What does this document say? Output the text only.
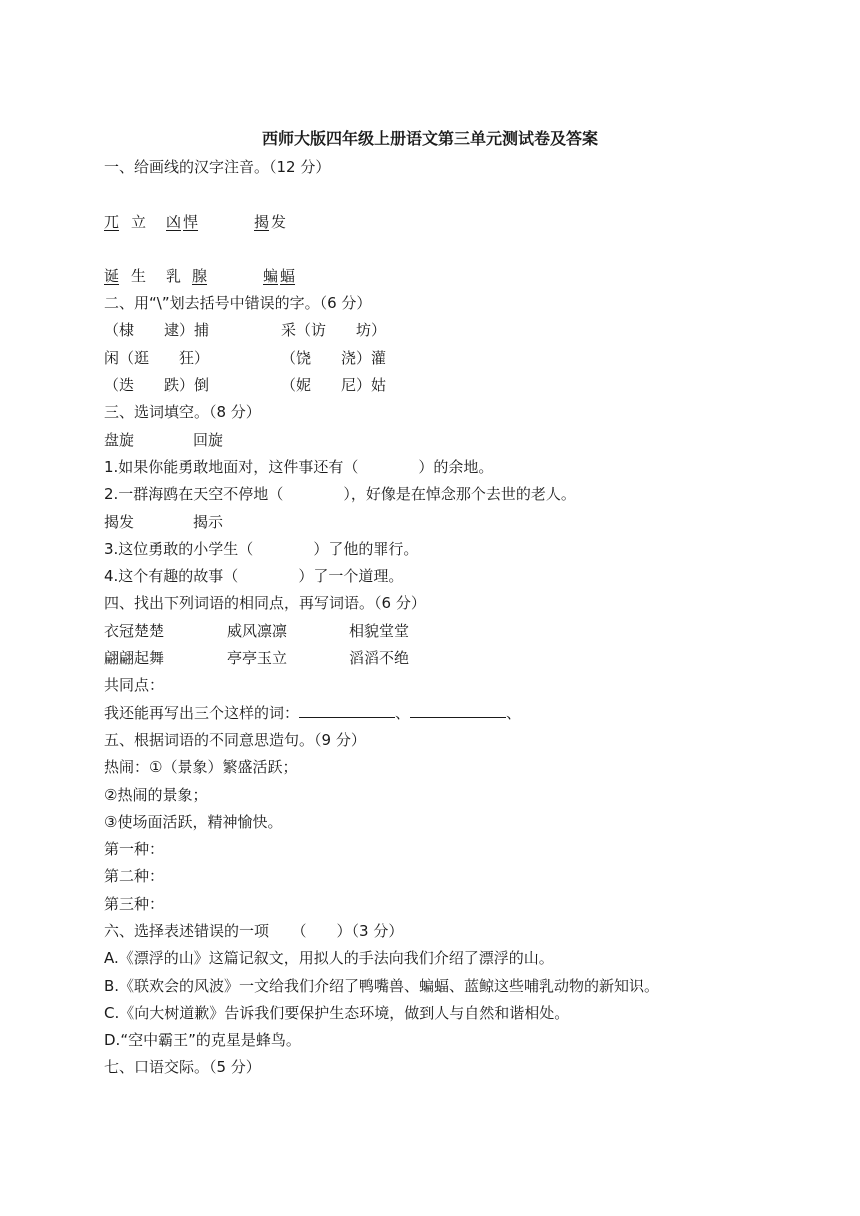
西师大版四年级上册语文第三单元测试卷及答案
一、给画线的汉字注音。（12 分）
兀 立 凶 悍	揭 发
诞 生 乳 腺	蝙 蝠
二、用“\”划去括号中错误的字。（6 分）
（棣　　逮）捕	采（访　　坊）
闲（逛　　狂）	（饶　　浇）灌
（迭　　跌）倒	（妮　　尼）姑
三、选词填空。（8 分）
盘旋	回旋
1.如果你能勇敢地面对，这件事还有（　　　　）的余地。
2.一群海鸥在天空不停地（　　　　），好像是在悼念那个去世的老人。
揭发	揭示
3.这位勇敢的小学生（　　　　）了他的罪行。
4.这个有趣的故事（　　　　）了一个道理。
四、找出下列词语的相同点，再写词语。（6 分）
衣冠楚楚	威风凛凛	相貌堂堂
翩翩起舞	亭亭玉立	滔滔不绝
共同点：
我还能再写出三个这样的词：	、	、
五、根据词语的不同意思造句。（9 分）
热闹：①（景象）繁盛活跃；
②热闹的景象；
③使场面活跃，精神愉快。
第一种：
第二种：
第三种：
六、选择表述错误的一项　　（　　）（3 分）
A.《漂浮的山》这篇记叙文，用拟人的手法向我们介绍了漂浮的山。
B.《联欢会的风波》一文给我们介绍了鸭嘴兽、蝙蝠、蓝鲸这些哺乳动物的新知识。
C.《向大树道歉》告诉我们要保护生态环境，做到人与自然和谐相处。
D.“空中霸王”的克星是蜂鸟。
七、口语交际。（5 分）
